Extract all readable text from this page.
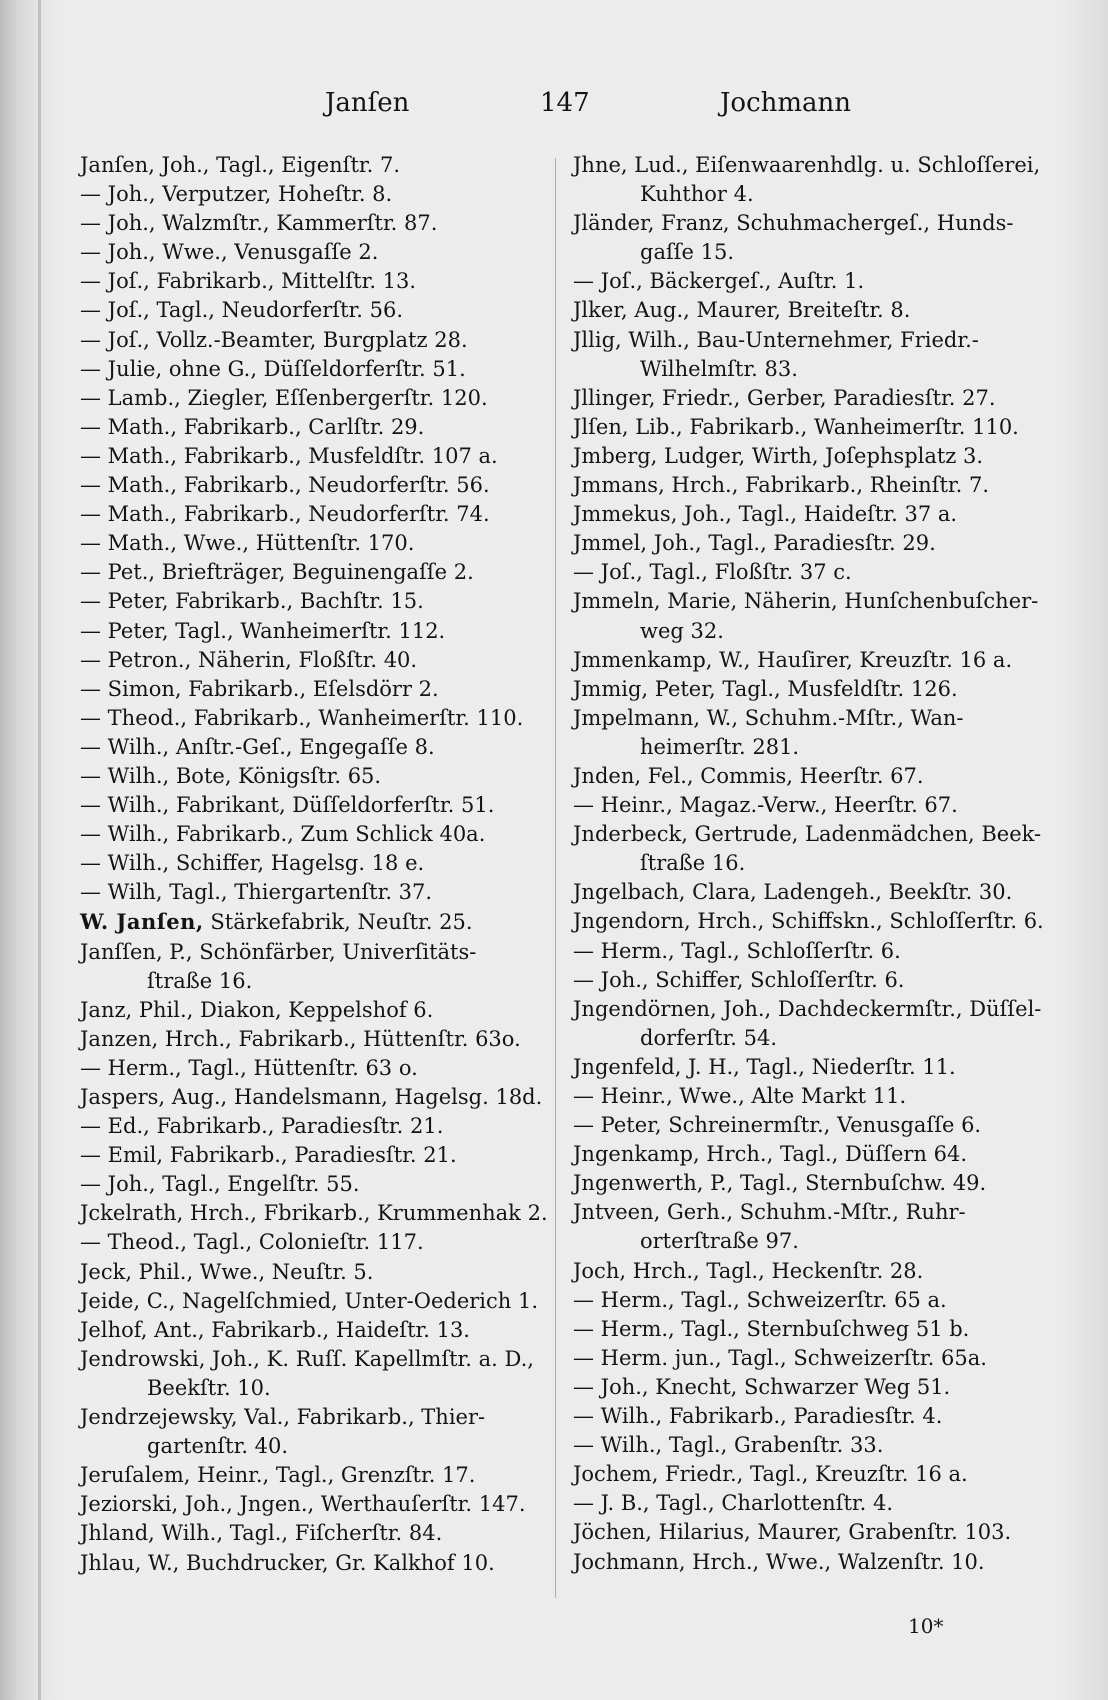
Janſen	147	Jochmann
Janſen, Joh., Tagl., Eigenſtr. 7.
— Joh., Verputzer, Hoheſtr. 8.
— Joh., Walzmſtr., Kammerſtr. 87.
— Joh., Wwe., Venusgaſſe 2.
— Joſ., Fabrikarb., Mittelſtr. 13.
— Joſ., Tagl., Neudorferſtr. 56.
— Joſ., Vollz.-Beamter, Burgplatz 28.
— Julie, ohne G., Düſſeldorferſtr. 51.
— Lamb., Ziegler, Eſſenbergerſtr. 120.
— Math., Fabrikarb., Carlſtr. 29.
— Math., Fabrikarb., Musfeldſtr. 107 a.
— Math., Fabrikarb., Neudorferſtr. 56.
— Math., Fabrikarb., Neudorferſtr. 74.
— Math., Wwe., Hüttenſtr. 170.
— Pet., Briefträger, Beguinengaſſe 2.
— Peter, Fabrikarb., Bachſtr. 15.
— Peter, Tagl., Wanheimerſtr. 112.
— Petron., Näherin, Floßſtr. 40.
— Simon, Fabrikarb., Eſelsdörr 2.
— Theod., Fabrikarb., Wanheimerſtr. 110.
— Wilh., Anſtr.-Geſ., Engegaſſe 8.
— Wilh., Bote, Königsſtr. 65.
— Wilh., Fabrikant, Düſſeldorferſtr. 51.
— Wilh., Fabrikarb., Zum Schlick 40a.
— Wilh., Schiffer, Hagelsg. 18 e.
— Wilh, Tagl., Thiergartenſtr. 37.
W. Janſen, Stärkefabrik, Neuſtr. 25.
Janſſen, P., Schönfärber, Univerſitäts-
ſtraße 16.
Janz, Phil., Diakon, Keppelshof 6.
Janzen, Hrch., Fabrikarb., Hüttenſtr. 63o.
— Herm., Tagl., Hüttenſtr. 63 o.
Jaspers, Aug., Handelsmann, Hagelsg. 18d.
— Ed., Fabrikarb., Paradiesſtr. 21.
— Emil, Fabrikarb., Paradiesſtr. 21.
— Joh., Tagl., Engelſtr. 55.
Jckelrath, Hrch., Fbrikarb., Krummenhak 2.
— Theod., Tagl., Colonieſtr. 117.
Jeck, Phil., Wwe., Neuſtr. 5.
Jeide, C., Nagelſchmied, Unter-Oederich 1.
Jelhof, Ant., Fabrikarb., Haideſtr. 13.
Jendrowski, Joh., K. Ruſſ. Kapellmſtr. a. D.,
Beekſtr. 10.
Jendrzejewsky, Val., Fabrikarb., Thier-
gartenſtr. 40.
Jeruſalem, Heinr., Tagl., Grenzſtr. 17.
Jeziorski, Joh., Jngen., Werthauſerſtr. 147.
Jhland, Wilh., Tagl., Fiſcherſtr. 84.
Jhlau, W., Buchdrucker, Gr. Kalkhof 10.
Jhne, Lud., Eiſenwaarenhdlg. u. Schloſſerei,
Kuhthor 4.
Jländer, Franz, Schuhmachergeſ., Hunds-
gaſſe 15.
— Joſ., Bäckergeſ., Auſtr. 1.
Jlker, Aug., Maurer, Breiteſtr. 8.
Jllig, Wilh., Bau-Unternehmer, Friedr.-
Wilhelmſtr. 83.
Jllinger, Friedr., Gerber, Paradiesſtr. 27.
Jlſen, Lib., Fabrikarb., Wanheimerſtr. 110.
Jmberg, Ludger, Wirth, Joſephsplatz 3.
Jmmans, Hrch., Fabrikarb., Rheinſtr. 7.
Jmmekus, Joh., Tagl., Haideſtr. 37 a.
Jmmel, Joh., Tagl., Paradiesſtr. 29.
— Joſ., Tagl., Floßſtr. 37 c.
Jmmeln, Marie, Näherin, Hunſchenbuſcher-
weg 32.
Jmmenkamp, W., Hauſirer, Kreuzſtr. 16 a.
Jmmig, Peter, Tagl., Musfeldſtr. 126.
Jmpelmann, W., Schuhm.-Mſtr., Wan-
heimerſtr. 281.
Jnden, Fel., Commis, Heerſtr. 67.
— Heinr., Magaz.-Verw., Heerſtr. 67.
Jnderbeck, Gertrude, Ladenmädchen, Beek-
ſtraße 16.
Jngelbach, Clara, Ladengeh., Beekſtr. 30.
Jngendorn, Hrch., Schiffskn., Schloſſerſtr. 6.
— Herm., Tagl., Schloſſerſtr. 6.
— Joh., Schiffer, Schloſſerſtr. 6.
Jngendörnen, Joh., Dachdeckermſtr., Düſſel-
dorferſtr. 54.
Jngenfeld, J. H., Tagl., Niederſtr. 11.
— Heinr., Wwe., Alte Markt 11.
— Peter, Schreinermſtr., Venusgaſſe 6.
Jngenkamp, Hrch., Tagl., Düſſern 64.
Jngenwerth, P., Tagl., Sternbuſchw. 49.
Jntveen, Gerh., Schuhm.-Mſtr., Ruhr-
orterſtraße 97.
Joch, Hrch., Tagl., Heckenſtr. 28.
— Herm., Tagl., Schweizerſtr. 65 a.
— Herm., Tagl., Sternbuſchweg 51 b.
— Herm. jun., Tagl., Schweizerſtr. 65a.
— Joh., Knecht, Schwarzer Weg 51.
— Wilh., Fabrikarb., Paradiesſtr. 4.
— Wilh., Tagl., Grabenſtr. 33.
Jochem, Friedr., Tagl., Kreuzſtr. 16 a.
— J. B., Tagl., Charlottenſtr. 4.
Jöchen, Hilarius, Maurer, Grabenſtr. 103.
Jochmann, Hrch., Wwe., Walzenſtr. 10.
10*
